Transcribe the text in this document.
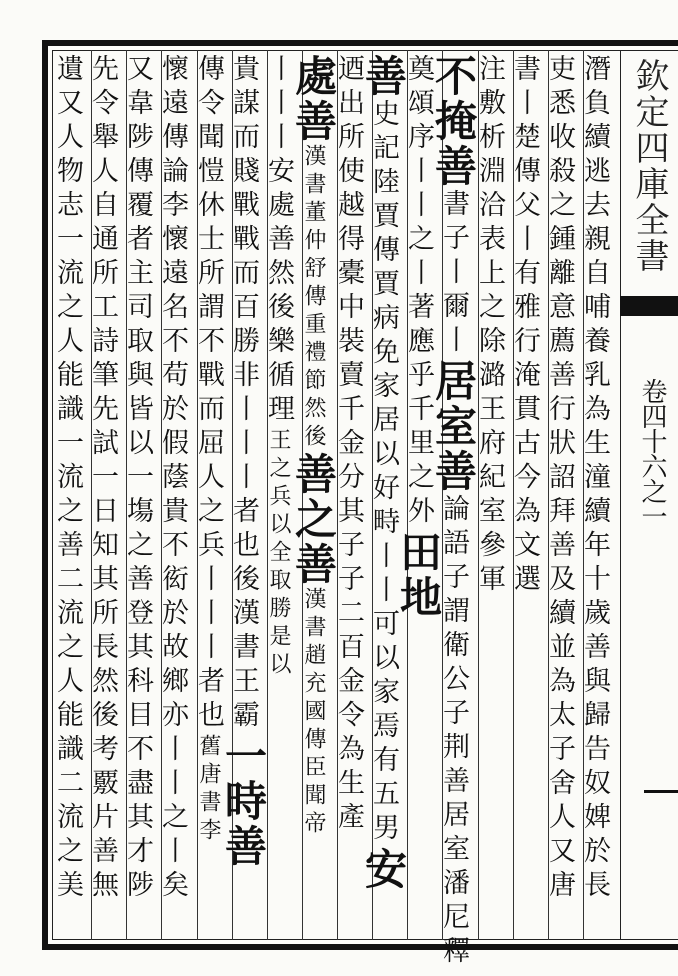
欽定四庫全書
卷四十六之一
潛負續逃去親自哺養乳為生潼續年十歲善與歸告奴婢於長
吏悉收殺之鍾離意薦善行狀詔拜善及續並為太子舍人又唐
書丨楚傳父丨有雅行淹貫古今為文選
注敷析淵洽表上之除潞王府紀室參軍
不掩善書子丨爾丨居室善論語子謂衛公子荆善居室潘尼釋
奠頌序丨丨之丨著應乎千里之外田地
善史記陸賈傳賈病免家居以好畤丨丨可以家焉有五男安
迺出所使越得橐中裝賣千金分其子子二百金令為生產
處善漢書董仲舒傳重禮節然後善之善漢書趙充國傳臣聞帝
丨丨丨安處善然後樂循理王之兵以全取勝是以
貴謀而賤戰戰而百勝非丨丨丨者也後漢書王霸一時善
傳令聞愷休士所謂不戰而屈人之兵丨丨丨者也舊唐書李
懷遠傳論李懷遠名不苟於假蔭貴不衒於故鄉亦丨丨之丨矣
又韋陟傳覆者主司取與皆以一塲之善登其科目不盡其才陟
先令舉人自通所工詩筆先試一日知其所長然後考覈片善無
遺又人物志一流之人能識一流之善二流之人能識二流之美
